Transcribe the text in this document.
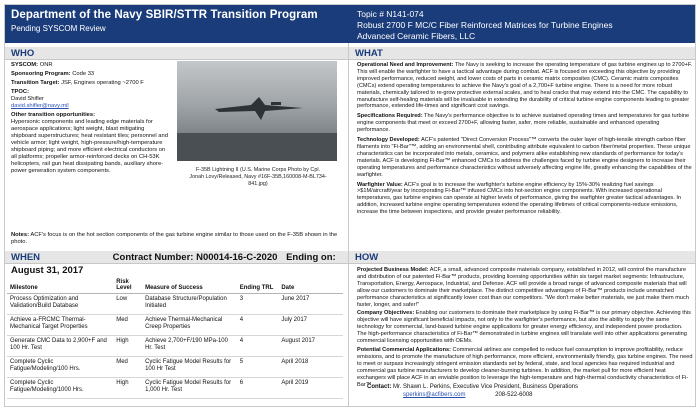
Department of the Navy SBIR/STTR Transition Program
Pending SYSCOM Review
Topic # N141-074
Robust 2700 F MC/C Fiber Reinforced Matrices for Turbine Engines
Advanced Ceramic Fibers, LLC
WHO

SYSCOM: ONR

Sponsoring Program: Code 33

Transition Target: JSF, Engines operating ~2700 F

TPOC:
David Shifler
david.shifler@navy.mil

Other transition opportunities:
Hypersonic components and leading edge materials for aerospace applications; light weight, blast mitigating shipboard superstructures; heat resistant tiles; personnel and vehicle armor; light weight, high-pressure/high-temperature shipboard piping; and more efficient electrical conductors on all platforms; propeller armor-reinforced decks on CH-53K helicopters, rail gun heat dissipating bands, auxiliary shore-power generation system components.	F-35B Lightning II (U.S. Marine Corps Photo by Cpl. Jonah Lovy/Released, Navy #16F-35B,160008-M-BL734-841.jpg)
Notes: ACF's focus is on the hot section components of the gas turbine engine similar to those used on the F-35B shown in the photo.
WHAT

Operational Need and Improvement: The Navy is seeking to increase the operating temperature of gas turbine engines up to 2700+F. This will enable the warfighter to have a tactical advantage during combat. ACF is focused on exceeding this objective by providing improved performance, reduced weight, and lower costs of parts in ceramic matrix composites (CMC). Ceramic matrix composites (CMCs) extend operating temperatures to achieve the Navy's goal of a 2,700+F turbine engine. There is a need for more robust materials, chemically tailored to re-grow protective external scales, and to heal cracks that may extend into the CMC. The capability to manufacture self-healing materials will be invaluable in extending the durability of critical turbine engine components leading to greater performance, extended life-times and significant cost savings.

Specifications Required: The Navy's performance objective is to achieve sustained operating times and temperatures for gas turbine engine components that meet or exceed 2700+F, allowing faster, safer, more reliable, sustainable and enhanced operating performance.

Technology Developed: ACF's patented "Direct Conversion Process"™ converts the outer layer of high-tensile strength carbon fiber filaments into "Fi-Bar"™, adding an environmental shell, contributing attribute equivalent to carbon fiber/metal properties. These unique characteristics can be incorporated into metals, ceramics, and polymers alike establishing new standards of performance for today's materials. ACF is developing Fi-Bar™ enhanced CMCs to address the challenges faced by turbine engine designers to increase their operating temperatures and performance characteristics without adversely affecting engine life, greatly enhancing the capabilities of the warfighter.

Warfighter Value: ACF's goal is to increase the warfighter's turbine engine efficiency by 15%-30% realizing fuel savings >$1M/aircraft/year by incorporating Fi-Bar™ infused CMCs into hot-section engine components. With increased operational temperatures, gas turbine engines can operate at higher levels of performance, giving the warfighter greater tactical advantages. In addition, increased turbine engine operating temperatures extend the operating lifetimes of critical components-reduce emissions, increase the time between inspections, and provide greater performance reliability.

WHEN	Contract Number: N00014-16-C-2020 Ending on: August 31, 2017
Milestone	Risk Level	Measure of Success	Ending TRL	Date
Process Optimization and Validation/Build Database	Low	Database Structure/Population Initiated	3	June 2017
Achieve a-FRCMC Thermal-Mechanical Target Properties	Med	Achieve Thermal-Mechanical Creep Properties	4	July 2017
Generate CMC Data to 2,900+F and 100 Hr. Test	High	Achieve 2,700+F/190 MPa-100 Hr. Test	4	August 2017
Complete Cyclic Fatigue/Modeling/100 Hrs.	Med	Cyclic Fatigue Model Results for 100 Hr Test	5	April 2018
Complete Cyclic Fatigue/Modeling/1000 Hrs.	High	Cyclic Fatigue Model Results for 1,000 Hr. Test	6	April 2019
HOW

Projected Business Model: ACF, a small, advanced composite materials company, established in 2012, will control the manufacture and distribution of our patented Fi-Bar™ products, providing licensing opportunities within six target market segments: Infrastructure, Transportation, Energy, Aerospace, Industrial, and Defense. ACF will provide a broad range of advanced composite materials that will allow our customers to dominate their marketplace. The distinct competitive advantages of Fi-Bar™ products include unmatched performance characteristics at significantly lower cost than our competitors. "We don't make better materials, we just make them much faster, longer, and safer!"

Company Objectives: Enabling our customers to dominate their marketplace by using Fi-Bar™ is our primary objective. Achieving this objective will have significant beneficial impacts, not only to the warfighter's performance, but also the ability to apply the same technology for commercial, land-based turbine engine applications for greater energy efficiency, and independent power production. The high-performance characteristics of Fi-Bar™ demonstrated in turbine engines will translate well into other applications generating commercial licensing opportunities with OEMs.

Potential Commercial Applications: Commercial airlines are compelled to reduce fuel consumption to improve profitability, reduce emissions, and to promote the manufacture of high performance, more efficient, environmentally friendly, gas turbine engines. The need to meet or surpass increasingly stringent emission standards set by federal, state, and local agencies has required industrial and commercial gas turbine manufacturers to develop cleaner-burning turbines. In addition, the market pull for more efficient heat exchangers will place ACF in an enviable position to leverage the high-temperature and high-thermal conductivity characteristics of Fi-Bar™.

Contact: Mr. Shawn L. Perkins, Executive Vice President, Business Operations
sperkins@acfibers.com	208-522-6008
